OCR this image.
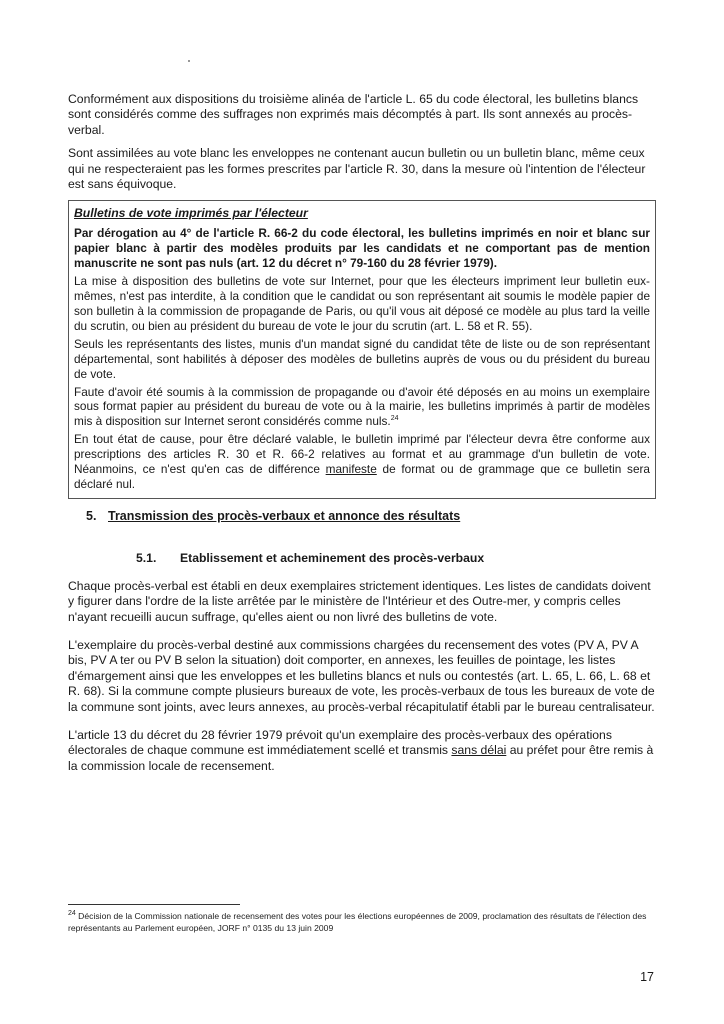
Conformément aux dispositions du troisième alinéa de l'article L. 65 du code électoral, les bulletins blancs sont considérés comme des suffrages non exprimés mais décomptés à part. Ils sont annexés au procès-verbal.

Sont assimilées au vote blanc les enveloppes ne contenant aucun bulletin ou un bulletin blanc, même ceux qui ne respecteraient pas les formes prescrites par l'article R. 30, dans la mesure où l'intention de l'électeur est sans équivoque.

Bulletins de vote imprimés par l'électeur

Par dérogation au 4° de l'article R. 66-2 du code électoral, les bulletins imprimés en noir et blanc sur papier blanc à partir des modèles produits par les candidats et ne comportant pas de mention manuscrite ne sont pas nuls (art. 12 du décret n° 79-160 du 28 février 1979).

La mise à disposition des bulletins de vote sur Internet, pour que les électeurs impriment leur bulletin eux-mêmes, n'est pas interdite, à la condition que le candidat ou son représentant ait soumis le modèle papier de son bulletin à la commission de propagande de Paris, ou qu'il vous ait déposé ce modèle au plus tard la veille du scrutin, ou bien au président du bureau de vote le jour du scrutin (art. L. 58 et R. 55).

Seuls les représentants des listes, munis d'un mandat signé du candidat tête de liste ou de son représentant départemental, sont habilités à déposer des modèles de bulletins auprès de vous ou du président du bureau de vote.

Faute d'avoir été soumis à la commission de propagande ou d'avoir été déposés en au moins un exemplaire sous format papier au président du bureau de vote ou à la mairie, les bulletins imprimés à partir de modèles mis à disposition sur Internet seront considérés comme nuls.$^{24}$

En tout état de cause, pour être déclaré valable, le bulletin imprimé par l'électeur devra être conforme aux prescriptions des articles R. 30 et R. 66-2 relatives au format et au grammage d'un bulletin de vote. Néanmoins, ce n'est qu'en cas de différence manifeste de format ou de grammage que ce bulletin sera déclaré nul.

5. Transmission des procès-verbaux et annonce des résultats
5.1.	Etablissement et acheminement des procès-verbaux

Chaque procès-verbal est établi en deux exemplaires strictement identiques. Les listes de candidats doivent y figurer dans l'ordre de la liste arrêtée par le ministère de l'Intérieur et des Outre-mer, y compris celles n'ayant recueilli aucun suffrage, qu'elles aient ou non livré des bulletins de vote.

L'exemplaire du procès-verbal destiné aux commissions chargées du recensement des votes (PV A, PV A bis, PV A ter ou PV B selon la situation) doit comporter, en annexes, les feuilles de pointage, les listes d'émargement ainsi que les enveloppes et les bulletins blancs et nuls ou contestés (art. L. 65, L. 66, L. 68 et R. 68). Si la commune compte plusieurs bureaux de vote, les procès-verbaux de tous les bureaux de vote de la commune sont joints, avec leurs annexes, au procès-verbal récapitulatif établi par le bureau centralisateur.

L'article 13 du décret du 28 février 1979 prévoit qu'un exemplaire des procès-verbaux des opérations électorales de chaque commune est immédiatement scellé et transmis sans délai au préfet pour être remis à la commission locale de recensement.

$^{24}$ Décision de la Commission nationale de recensement des votes pour les élections européennes de 2009, proclamation des résultats de l'élection des représentants au Parlement européen, JORF n° 0135 du 13 juin 2009
17
